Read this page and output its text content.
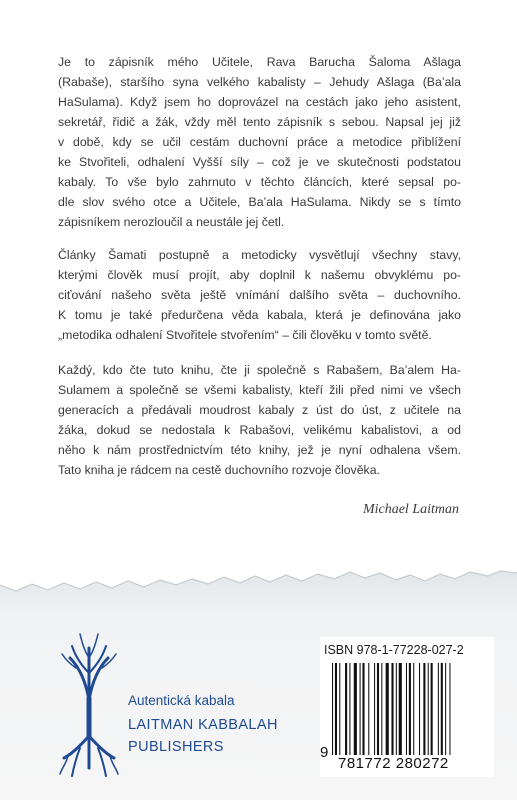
Je to zápisník mého Učitele, Rava Barucha Šaloma Ašlaga
(Rabaše), staršího syna velkého kabalisty – Jehudy Ašlaga (Ba’ala
HaSulama). Když jsem ho doprovázel na cestách jako jeho asistent,
sekretář, řidič a žák, vždy měl tento zápisník s sebou. Napsal jej již
v době, kdy se učil cestám duchovní práce a metodice přiblížení
ke Stvořiteli, odhalení Vyšší síly – což je ve skutečnosti podstatou
kabaly. To vše bylo zahrnuto v těchto článcích, které sepsal po-
dle slov svého otce a Učitele, Ba’ala HaSulama. Nikdy se s tímto
zápisníkem nerozloučil a neustále jej četl.

Články Šamati postupně a metodicky vysvětlují všechny stavy,
kterými člověk musí projít, aby doplnil k našemu obvyklému po-
ciťování našeho světa ještě vnímání dalšího světa – duchovního.
K tomu je také předurčena věda kabala, která je definována jako
„metodika odhalení Stvořitele stvořením“ – čili člověku v tomto světě.

Každý, kdo čte tuto knihu, čte ji společně s Rabašem, Ba’alem Ha-
Sulamem a společně se všemi kabalisty, kteří žili před nimi ve všech
generacích a předávali moudrost kabaly z úst do úst, z učitele na
žáka, dokud se nedostala k Rabašovi, velikému kabalistovi, a od
něho k nám prostřednictvím této knihy, jež je nyní odhalena všem.
Tato kniha je rádcem na cestě duchovního rozvoje člověka.

Michael Laitman
Autentická kabala
LAITMAN KABBALAH
PUBLISHERS
ISBN 978-1-77228-027-2
9
781772 280272
